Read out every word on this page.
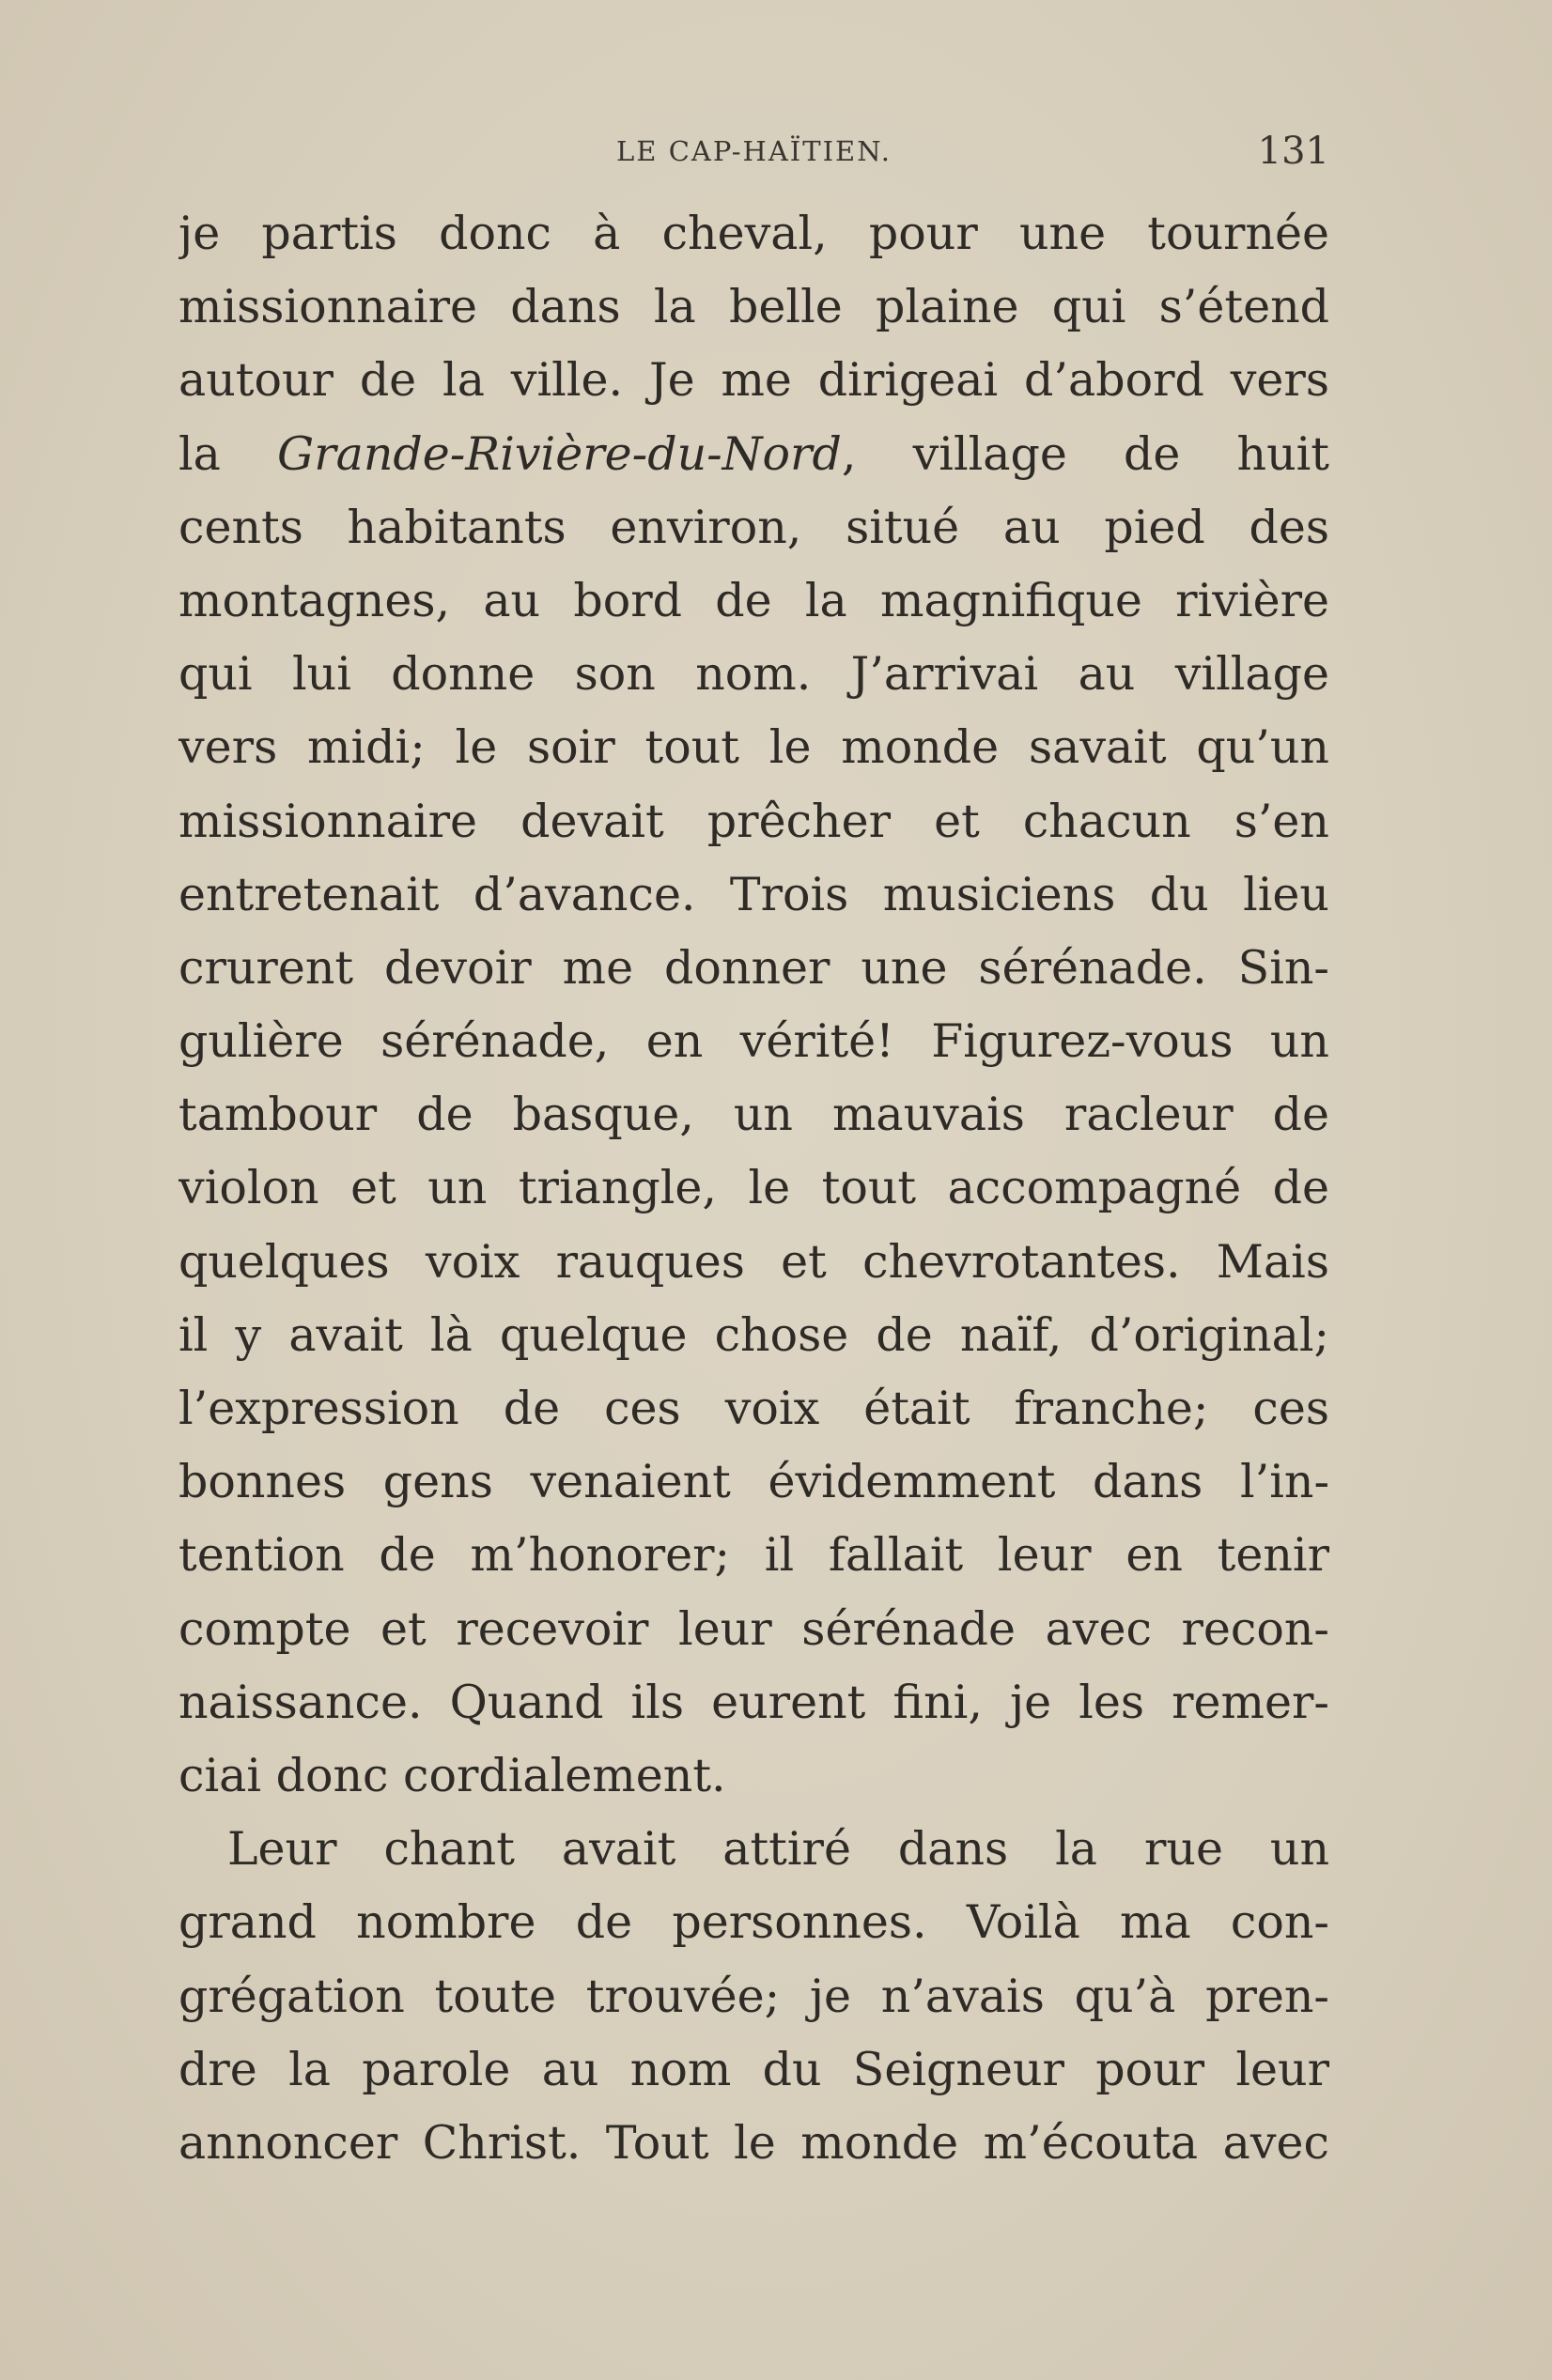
LE CAP-HAÏTIEN.	131
je partis donc à cheval, pour une tournée
missionnaire dans la belle plaine qui s’étend
autour de la ville. Je me dirigeai d’abord vers
la Grande-Rivière-du-Nord, village de huit
cents habitants environ, situé au pied des
montagnes, au bord de la magnifique rivière
qui lui donne son nom. J’arrivai au village
vers midi; le soir tout le monde savait qu’un
missionnaire devait prêcher et chacun s’en
entretenait d’avance. Trois musiciens du lieu
crurent devoir me donner une sérénade. Sin-
gulière sérénade, en vérité! Figurez-vous un
tambour de basque, un mauvais racleur de
violon et un triangle, le tout accompagné de
quelques voix rauques et chevrotantes. Mais
il y avait là quelque chose de naïf, d’original;
l’expression de ces voix était franche; ces
bonnes gens venaient évidemment dans l’in-
tention de m’honorer; il fallait leur en tenir
compte et recevoir leur sérénade avec recon-
naissance. Quand ils eurent fini, je les remer-
ciai donc cordialement.
Leur chant avait attiré dans la rue un
grand nombre de personnes. Voilà ma con-
grégation toute trouvée; je n’avais qu’à pren-
dre la parole au nom du Seigneur pour leur
annoncer Christ. Tout le monde m’écouta avec
